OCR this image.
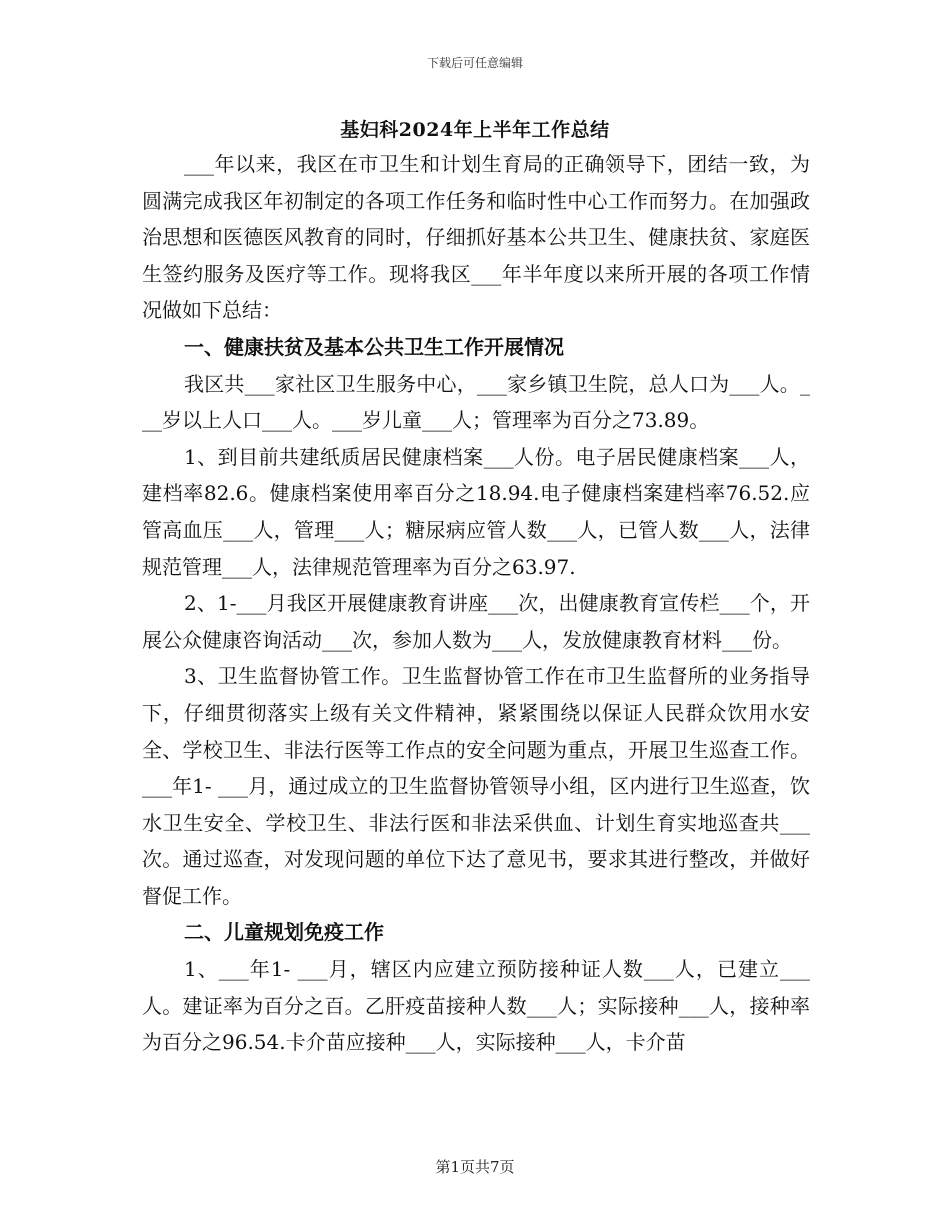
下载后可任意编辑
基妇科2024年上半年工作总结

___年以来，我区在市卫生和计划生育局的正确领导下，团结一致，为圆满完成我区年初制定的各项工作任务和临时性中心工作而努力。在加强政治思想和医德医风教育的同时，仔细抓好基本公共卫生、健康扶贫、家庭医生签约服务及医疗等工作。现将我区___年半年度以来所开展的各项工作情况做如下总结：

一、健康扶贫及基本公共卫生工作开展情况

我区共___家社区卫生服务中心，___家乡镇卫生院，总人口为___人。___岁以上人口___人。___岁儿童___人；管理率为百分之73.89。

1、到目前共建纸质居民健康档案___人份。电子居民健康档案___人，建档率82.6。健康档案使用率百分之18.94.电子健康档案建档率76.52.应管高血压___人，管理___人；糖尿病应管人数___人，已管人数___人，法律规范管理___人，法律规范管理率为百分之63.97.

2、1-___月我区开展健康教育讲座___次，出健康教育宣传栏___个，开展公众健康咨询活动___次，参加人数为___人，发放健康教育材料___份。

3、卫生监督协管工作。卫生监督协管工作在市卫生监督所的业务指导下，仔细贯彻落实上级有关文件精神，紧紧围绕以保证人民群众饮用水安全、学校卫生、非法行医等工作点的安全问题为重点，开展卫生巡查工作。___年1- ___月，通过成立的卫生监督协管领导小组，区内进行卫生巡查，饮水卫生安全、学校卫生、非法行医和非法采供血、计划生育实地巡查共___次。通过巡查，对发现问题的单位下达了意见书，要求其进行整改，并做好督促工作。

二、儿童规划免疫工作

1、___年1- ___月，辖区内应建立预防接种证人数___人，已建立___人。建证率为百分之百。乙肝疫苗接种人数___人；实际接种___人，接种率为百分之96.54.卡介苗应接种___人，实际接种___人，卡介苗

第1页共7页
